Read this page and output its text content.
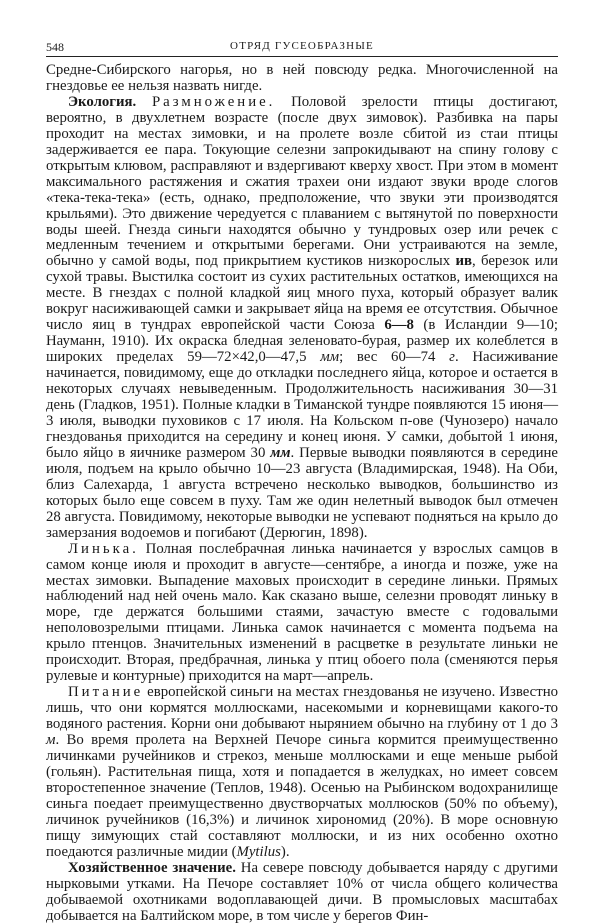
548	ОТРЯД ГУСЕОБРАЗНЫЕ

Средне-Сибирского нагорья, но в ней повсюду редка. Многочисленной на гнездовье ее нельзя назвать нигде.

Экология. Размножение. Половой зрелости птицы достигают, вероятно, в двухлетнем возрасте (после двух зимовок). Разбивка на пары проходит на местах зимовки, и на пролете возле сбитой из стаи птицы задерживается ее пара. Токующие селезни запрокидывают на спину голову с открытым клювом, расправляют и вздергивают кверху хвост. При этом в момент максимального растяжения и сжатия трахеи они издают звуки вроде слогов «тека-тека-тека» (есть, однако, предположение, что звуки эти производятся крыльями). Это движение чередуется с плаванием с вытянутой по поверхности воды шеей. Гнезда синьги находятся обычно у тундровых озер или речек с медленным течением и открытыми берегами. Они устраиваются на земле, обычно у самой воды, под прикрытием кустиков низкорослых ив, березок или сухой травы. Выстилка состоит из сухих растительных остатков, имеющихся на месте. В гнездах с полной кладкой яиц много пуха, который образует валик вокруг насиживающей самки и закрывает яйца на время ее отсутствия. Обычное число яиц в тундрах европейской части Союза 6—8 (в Исландии 9—10; Науманн, 1910). Их окраска бледная зеленовато-бурая, размер их колеблется в широких пределах 59—72×42,0—47,5 мм; вес 60—74 г. Насиживание начинается, повидимому, еще до откладки последнего яйца, которое и остается в некоторых случаях невыведенным. Продолжительность насиживания 30—31 день (Гладков, 1951). Полные кладки в Тиманской тундре появляются 15 июня—3 июля, выводки пуховиков с 17 июля. На Кольском п-ове (Чунозеро) начало гнездованья приходится на середину и конец июня. У самки, добытой 1 июня, было яйцо в яичнике размером 30 мм. Первые выводки появляются в середине июля, подъем на крыло обычно 10—23 августа (Владимирская, 1948). На Оби, близ Салехарда, 1 августа встречено несколько выводков, большинство из которых было еще совсем в пуху. Там же один нелетный выводок был отмечен 28 августа. Повидимому, некоторые выводки не успевают подняться на крыло до замерзания водоемов и погибают (Дерюгин, 1898).

Линька. Полная послебрачная линька начинается у взрослых самцов в самом конце июля и проходит в августе—сентябре, а иногда и позже, уже на местах зимовки. Выпадение маховых происходит в середине линьки. Прямых наблюдений над ней очень мало. Как сказано выше, селезни проводят линьку в море, где держатся большими стаями, зачастую вместе с годовалыми неполовозрелыми птицами. Линька самок начинается с момента подъема на крыло птенцов. Значительных изменений в расцветке в результате линьки не происходит. Вторая, предбрачная, линька у птиц обоего пола (сменяются перья рулевые и контурные) приходится на март—апрель.

Питание европейской синьги на местах гнездованья не изучено. Известно лишь, что они кормятся моллюсками, насекомыми и корневищами какого-то водяного растения. Корни они добывают нырянием обычно на глубину от 1 до 3 м. Во время пролета на Верхней Печоре синьга кормится преимущественно личинками ручейников и стрекоз, меньше моллюсками и еще меньше рыбой (гольян). Растительная пища, хотя и попадается в желудках, но имеет совсем второстепенное значение (Теплов, 1948). Осенью на Рыбинском водохранилище синьга поедает преимущественно двустворчатых моллюсков (50% по объему), личинок ручейников (16,3%) и личинок хирономид (20%). В море основную пищу зимующих стай составляют моллюски, и из них особенно охотно поедаются различные мидии (Mytilus).

Хозяйственное значение. На севере повсюду добывается наряду с другими нырковыми утками. На Печоре составляет 10% от числа общего количества добываемой охотниками водоплавающей дичи. В промысловых масштабах добывается на Балтийском море, в том числе у берегов Фин-
